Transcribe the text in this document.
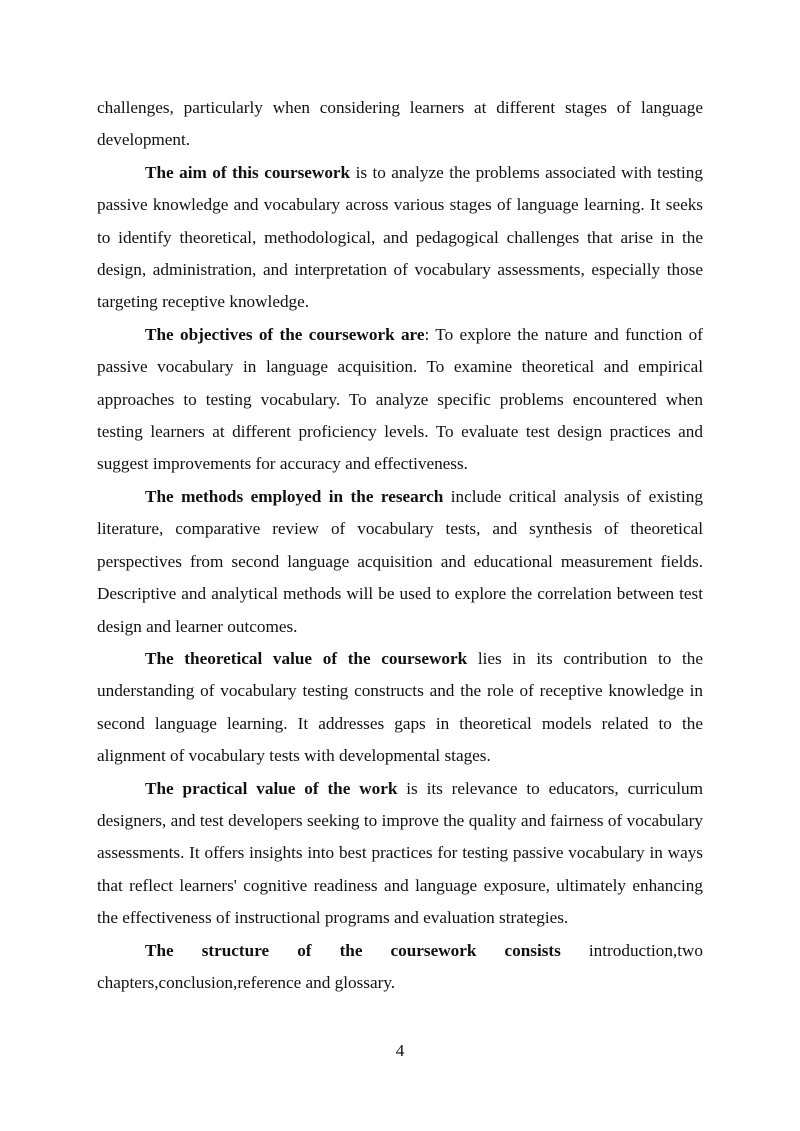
challenges, particularly when considering learners at different stages of language development.

The aim of this coursework is to analyze the problems associated with testing passive knowledge and vocabulary across various stages of language learning. It seeks to identify theoretical, methodological, and pedagogical challenges that arise in the design, administration, and interpretation of vocabulary assessments, especially those targeting receptive knowledge.

The objectives of the coursework are: To explore the nature and function of passive vocabulary in language acquisition. To examine theoretical and empirical approaches to testing vocabulary. To analyze specific problems encountered when testing learners at different proficiency levels. To evaluate test design practices and suggest improvements for accuracy and effectiveness.

The methods employed in the research include critical analysis of existing literature, comparative review of vocabulary tests, and synthesis of theoretical perspectives from second language acquisition and educational measurement fields. Descriptive and analytical methods will be used to explore the correlation between test design and learner outcomes.

The theoretical value of the coursework lies in its contribution to the understanding of vocabulary testing constructs and the role of receptive knowledge in second language learning. It addresses gaps in theoretical models related to the alignment of vocabulary tests with developmental stages.

The practical value of the work is its relevance to educators, curriculum designers, and test developers seeking to improve the quality and fairness of vocabulary assessments. It offers insights into best practices for testing passive vocabulary in ways that reflect learners' cognitive readiness and language exposure, ultimately enhancing the effectiveness of instructional programs and evaluation strategies.

The structure of the coursework consists introduction,two chapters,conclusion,reference and glossary.

4
